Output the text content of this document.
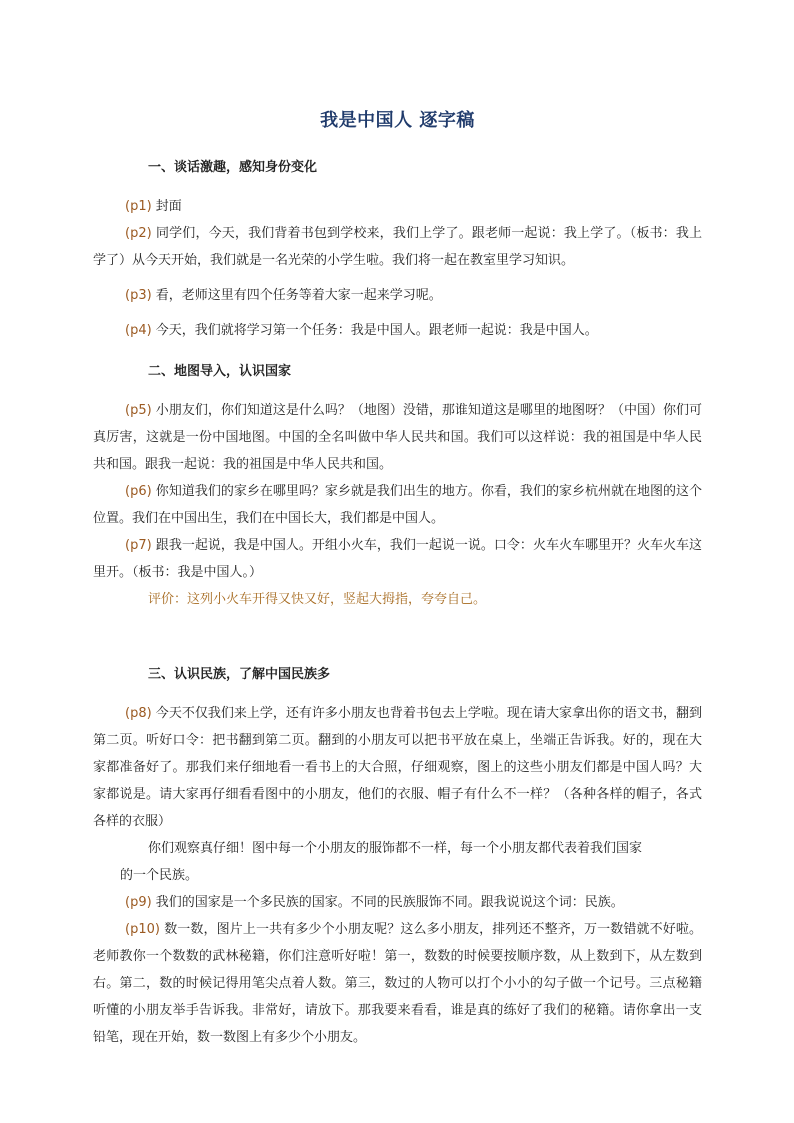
我是中国人 逐字稿
一、谈话激趣，感知身份变化

(p1) 封面

(p2) 同学们，今天，我们背着书包到学校来，我们上学了。跟老师一起说：我上学了。（板书：我上学了）从今天开始，我们就是一名光荣的小学生啦。我们将一起在教室里学习知识。

(p3) 看，老师这里有四个任务等着大家一起来学习呢。

(p4) 今天，我们就将学习第一个任务：我是中国人。跟老师一起说：我是中国人。

二、地图导入，认识国家

(p5) 小朋友们，你们知道这是什么吗？（地图）没错，那谁知道这是哪里的地图呀？（中国）你们可真厉害，这就是一份中国地图。中国的全名叫做中华人民共和国。我们可以这样说：我的祖国是中华人民共和国。跟我一起说：我的祖国是中华人民共和国。

(p6) 你知道我们的家乡在哪里吗？家乡就是我们出生的地方。你看，我们的家乡杭州就在地图的这个位置。我们在中国出生，我们在中国长大，我们都是中国人。

(p7) 跟我一起说，我是中国人。开组小火车，我们一起说一说。口令：火车火车哪里开？火车火车这里开。（板书：我是中国人。）

评价：这列小火车开得又快又好，竖起大拇指，夸夸自己。

三、认识民族，了解中国民族多

(p8) 今天不仅我们来上学，还有许多小朋友也背着书包去上学啦。现在请大家拿出你的语文书，翻到第二页。听好口令：把书翻到第二页。翻到的小朋友可以把书平放在桌上，坐端正告诉我。好的，现在大家都准备好了。那我们来仔细地看一看书上的大合照，仔细观察，图上的这些小朋友们都是中国人吗？大家都说是。请大家再仔细看看图中的小朋友，他们的衣服、帽子有什么不一样？（各种各样的帽子，各式各样的衣服）

你们观察真仔细！图中每一个小朋友的服饰都不一样，每一个小朋友都代表着我们国家

的一个民族。

(p9) 我们的国家是一个多民族的国家。不同的民族服饰不同。跟我说说这个词：民族。

(p10) 数一数，图片上一共有多少个小朋友呢？这么多小朋友，排列还不整齐，万一数错就不好啦。老师教你一个数数的武林秘籍，你们注意听好啦！第一，数数的时候要按顺序数，从上数到下，从左数到右。第二，数的时候记得用笔尖点着人数。第三，数过的人物可以打个小小的勾子做一个记号。三点秘籍听懂的小朋友举手告诉我。非常好，请放下。那我要来看看，谁是真的练好了我们的秘籍。请你拿出一支铅笔，现在开始，数一数图上有多少个小朋友。
